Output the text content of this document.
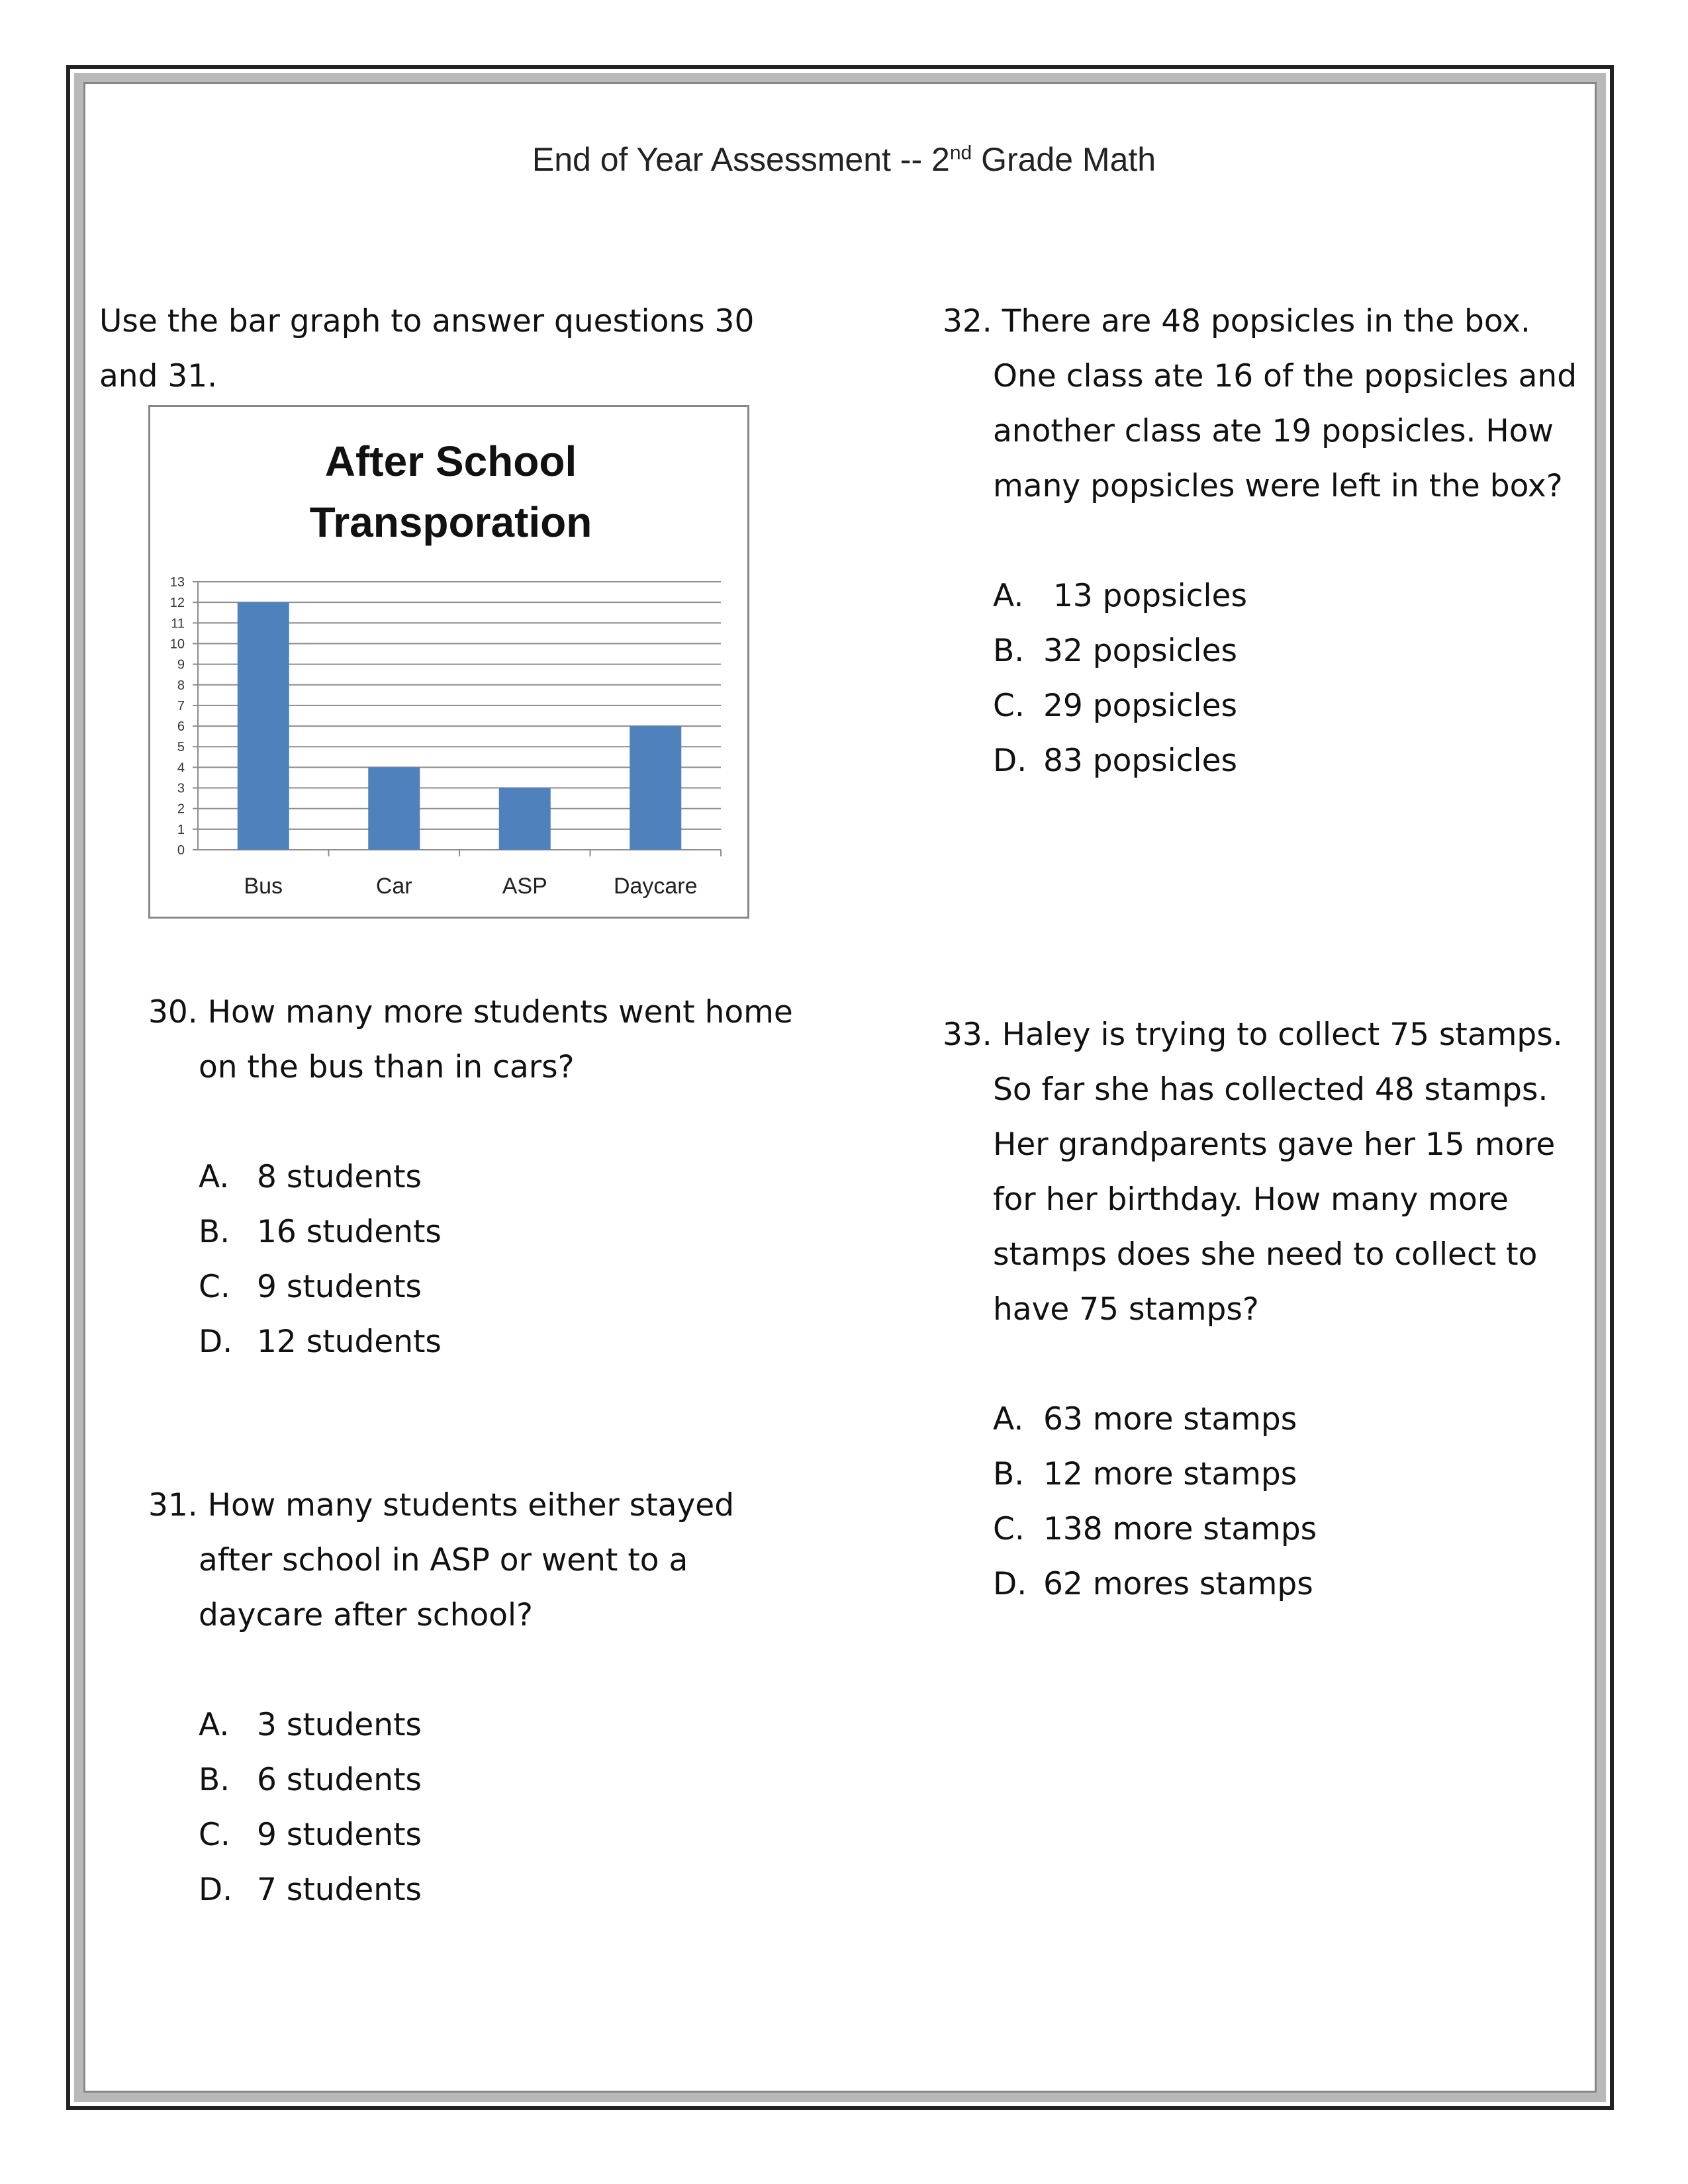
End of Year Assessment -- 2nd Grade Math
Use the bar graph to answer questions 30
and 31.
After School
Transporation
0
1
2
3
4
5
6
7
8
9
10
11
12
13
Bus	Car	ASP	Daycare
30. How many more students went home
on the bus than in cars?
A. 8 students
B. 16 students
C. 9 students
D. 12 students
31. How many students either stayed
after school in ASP or went to a
daycare after school?
A. 3 students
B. 6 students
C. 9 students
D. 7 students
32. There are 48 popsicles in the box.
One class ate 16 of the popsicles and
another class ate 19 popsicles. How
many popsicles were left in the box?
A. 13 popsicles
B. 32 popsicles
C. 29 popsicles
D. 83 popsicles
33. Haley is trying to collect 75 stamps.
So far she has collected 48 stamps.
Her grandparents gave her 15 more
for her birthday. How many more
stamps does she need to collect to
have 75 stamps?
A. 63 more stamps
B. 12 more stamps
C. 138 more stamps
D. 62 mores stamps
